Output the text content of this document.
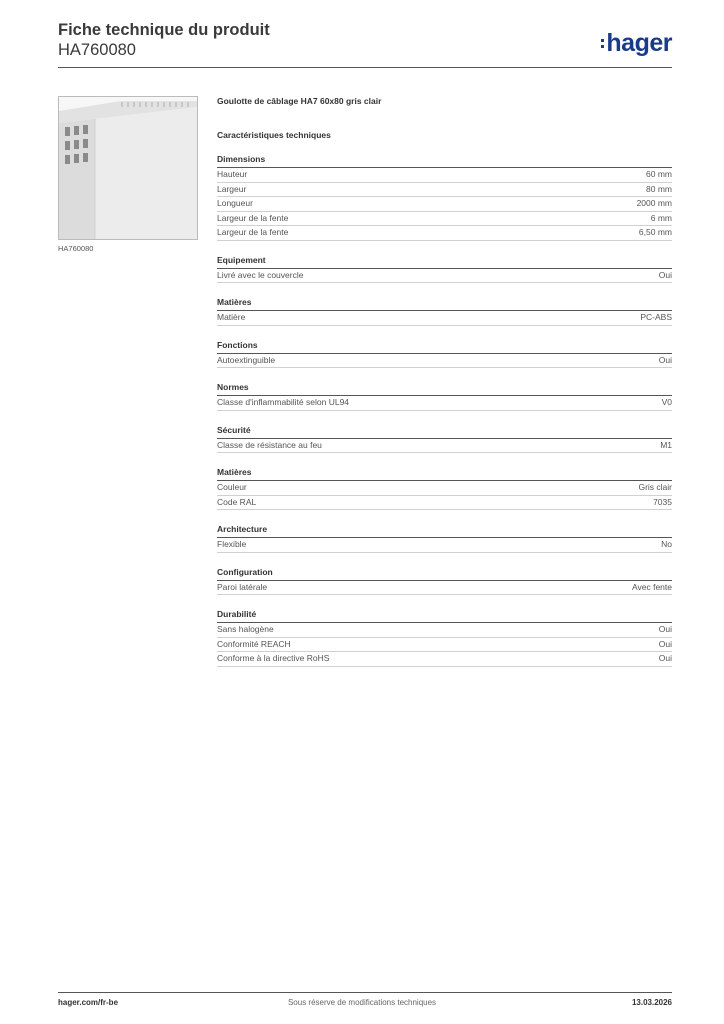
Fiche technique du produit
HA760080	hager
HA760080
Goulotte de câblage HA7 60x80 gris clair
Caractéristiques techniques
Dimensions
Hauteur	60 mm
Largeur	80 mm
Longueur	2000 mm
Largeur de la fente	6 mm
Largeur de la fente	6,50 mm
Equipement
Livré avec le couvercle	Oui
Matières
Matière	PC-ABS
Fonctions
Autoextinguible	Oui
Normes
Classe d'inflammabilité selon UL94	V0
Sécurité
Classe de résistance au feu	M1
Matières
Couleur	Gris clair
Code RAL	7035
Architecture
Flexible	No
Configuration
Paroi latérale	Avec fente
Durabilité
Sans halogène	Oui
Conformité REACH	Oui
Conforme à la directive RoHS	Oui
hager.com/fr-be	Sous réserve de modifications techniques	13.03.2026
